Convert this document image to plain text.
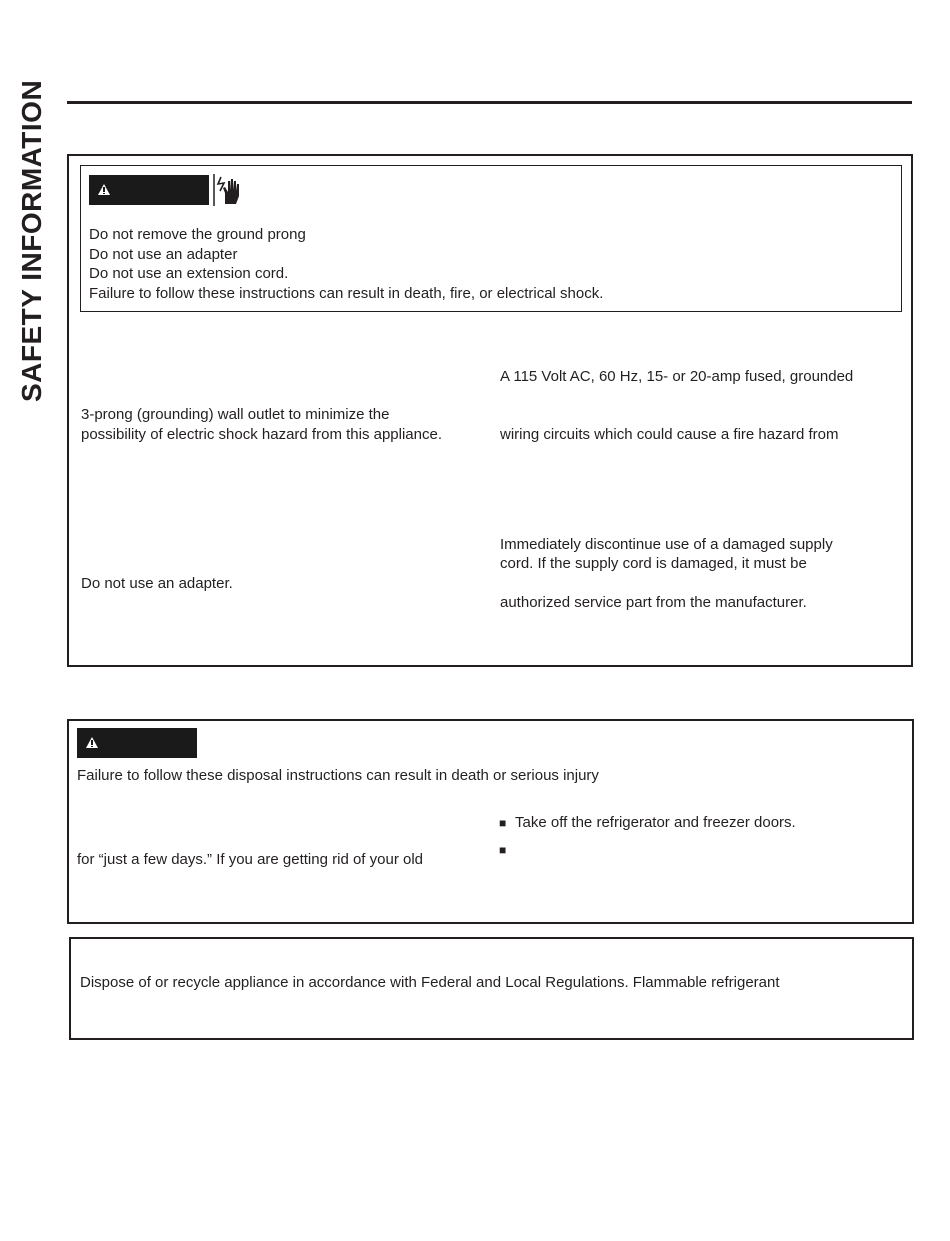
SAFETY INFORMATION	Do not remove the ground prong
Do not use an adapter
Do not use an extension cord.
Failure to follow these instructions can result in death, fire, or electrical shock.
3-prong (grounding) wall outlet to minimize the
possibility of electric shock hazard from this appliance.
Do not use an adapter.
A 115 Volt AC, 60 Hz, 15- or 20-amp fused, grounded
wiring circuits which could cause a fire hazard from
Immediately discontinue use of a damaged supply
cord. If the supply cord is damaged, it must be
authorized service part from the manufacturer.
Failure to follow these disposal instructions can result in death or serious injury
for “just a few days.” If you are getting rid of your old
■ Take off the refrigerator and freezer doors.
■
Dispose of or recycle appliance in accordance with Federal and Local Regulations. Flammable refrigerant
